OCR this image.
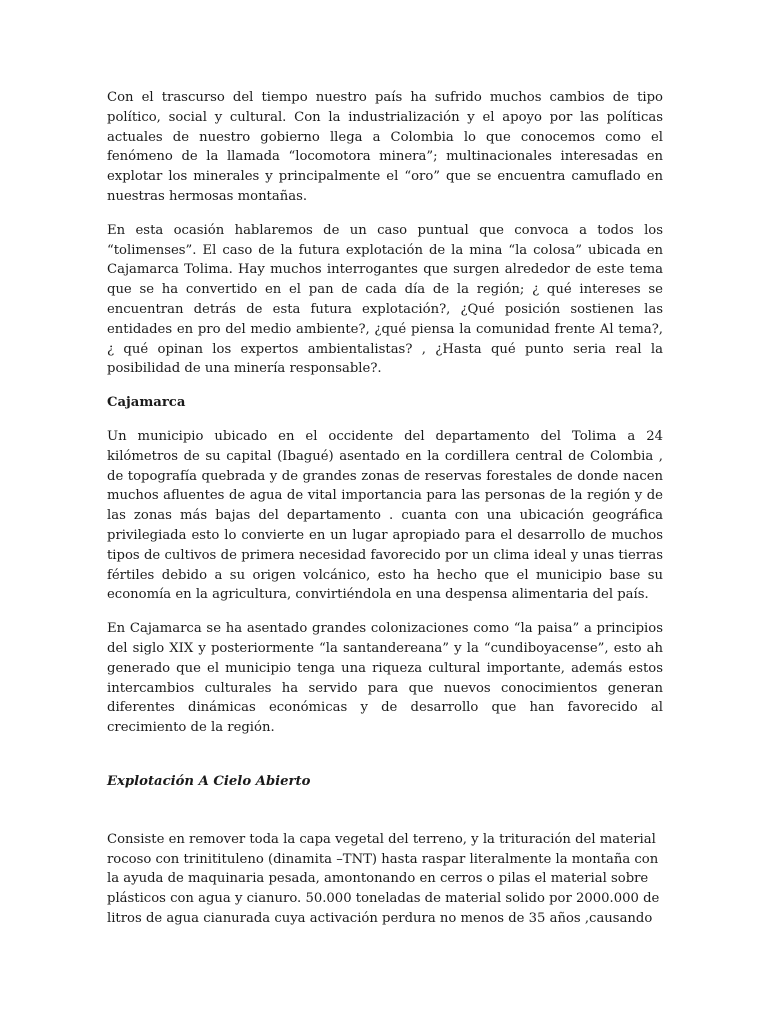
Con el trascurso del tiempo nuestro país ha sufrido muchos cambios de tipo político, social y cultural. Con la industrialización y el apoyo por las políticas actuales de nuestro gobierno llega a Colombia lo que conocemos como el fenómeno de la llamada “locomotora minera”; multinacionales interesadas en explotar los minerales y principalmente el “oro” que se encuentra camuflado en nuestras hermosas montañas.

En esta ocasión hablaremos de un caso puntual que convoca a todos los “tolimenses”. El caso de la futura explotación de la mina “la colosa” ubicada en Cajamarca Tolima. Hay muchos interrogantes que surgen alrededor de este tema que se ha convertido en el pan de cada día de la región; ¿ qué intereses se encuentran detrás de esta futura explotación?, ¿Qué posición sostienen las entidades en pro del medio ambiente?, ¿qué piensa la comunidad frente Al tema?, ¿ qué opinan los expertos ambientalistas? , ¿Hasta qué punto seria real la posibilidad de una minería responsable?.

Cajamarca

Un municipio ubicado en el occidente del departamento del Tolima a 24 kilómetros de su capital (Ibagué) asentado en la cordillera central de Colombia , de topografía quebrada y de grandes zonas de reservas forestales de donde nacen muchos afluentes de agua de vital importancia para las personas de la región y de las zonas más bajas del departamento . cuanta con una ubicación geográfica privilegiada esto lo convierte en un lugar apropiado para el desarrollo de muchos tipos de cultivos de primera necesidad favorecido por un clima ideal y unas tierras fértiles debido a su origen volcánico, esto ha hecho que el municipio base su economía en la agricultura, convirtiéndola en una despensa alimentaria del país.

En Cajamarca se ha asentado grandes colonizaciones como “la paisa” a principios del siglo XIX y posteriormente “la santandereana” y la “cundiboyacense”, esto ah generado que el municipio tenga una riqueza cultural importante, además estos intercambios culturales ha servido para que nuevos conocimientos generan diferentes dinámicas económicas y de desarrollo que han favorecido al crecimiento de la región.

Explotación A Cielo Abierto

Consiste en remover toda la capa vegetal del terreno, y la trituración del material rocoso con trinitituleno (dinamita –TNT) hasta raspar literalmente la montaña con la ayuda de maquinaria pesada, amontonando en cerros o pilas el material sobre plásticos con agua y cianuro. 50.000 toneladas de material solido por 2000.000 de litros de agua cianurada cuya activación perdura no menos de 35 años ,causando
